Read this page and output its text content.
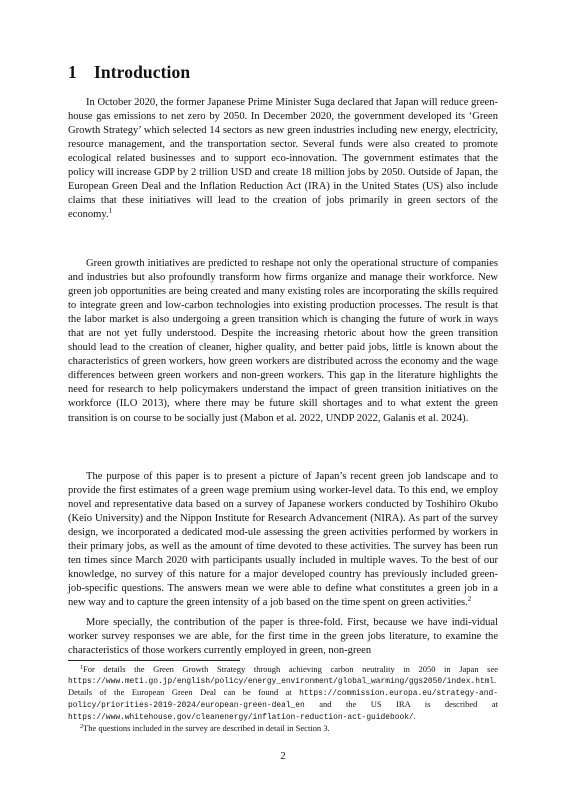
1 Introduction

In October 2020, the former Japanese Prime Minister Suga declared that Japan will reduce green-house gas emissions to net zero by 2050. In December 2020, the government developed its ‘Green Growth Strategy’ which selected 14 sectors as new green industries including new energy, electricity, resource management, and the transportation sector. Several funds were also created to promote ecological related businesses and to support eco-innovation. The government estimates that the policy will increase GDP by 2 trillion USD and create 18 million jobs by 2050. Outside of Japan, the European Green Deal and the Inflation Reduction Act (IRA) in the United States (US) also include claims that these initiatives will lead to the creation of jobs primarily in green sectors of the economy.$^1$

Green growth initiatives are predicted to reshape not only the operational structure of companies and industries but also profoundly transform how firms organize and manage their workforce. New green job opportunities are being created and many existing roles are incorporating the skills required to integrate green and low-carbon technologies into existing production processes. The result is that the labor market is also undergoing a green transition which is changing the future of work in ways that are not yet fully understood. Despite the increasing rhetoric about how the green transition should lead to the creation of cleaner, higher quality, and better paid jobs, little is known about the characteristics of green workers, how green workers are distributed across the economy and the wage differences between green workers and non-green workers. This gap in the literature highlights the need for research to help policymakers understand the impact of green transition initiatives on the workforce (ILO 2013), where there may be future skill shortages and to what extent the green transition is on course to be socially just (Mabon et al. 2022, UNDP 2022, Galanis et al. 2024).

The purpose of this paper is to present a picture of Japan’s recent green job landscape and to provide the first estimates of a green wage premium using worker-level data. To this end, we employ novel and representative data based on a survey of Japanese workers conducted by Toshihiro Okubo (Keio University) and the Nippon Institute for Research Advancement (NIRA). As part of the survey design, we incorporated a dedicated mod-ule assessing the green activities performed by workers in their primary jobs, as well as the amount of time devoted to these activities. The survey has been run ten times since March 2020 with participants usually included in multiple waves. To the best of our knowledge, no survey of this nature for a major developed country has previously included green-job-specific questions. The answers mean we were able to define what constitutes a green job in a new way and to capture the green intensity of a job based on the time spent on green activities.$^2$

More specially, the contribution of the paper is three-fold. First, because we have indi-vidual worker survey responses we are able, for the first time in the green jobs literature, to examine the characteristics of those workers currently employed in green, non-green

$^1$For details the Green Growth Strategy through achieving carbon neutrality in 2050 in Japan see https://www.meti.go.jp/english/policy/energy_environment/global_warming/ggs2050/index.html. Details of the European Green Deal can be found at https://commission.europa.eu/strategy-and-policy/priorities-2019-2024/european-green-deal_en and the US IRA is described at https://www.whitehouse.gov/cleanenergy/inflation-reduction-act-guidebook/.

$^2$The questions included in the survey are described in detail in Section 3.

2
